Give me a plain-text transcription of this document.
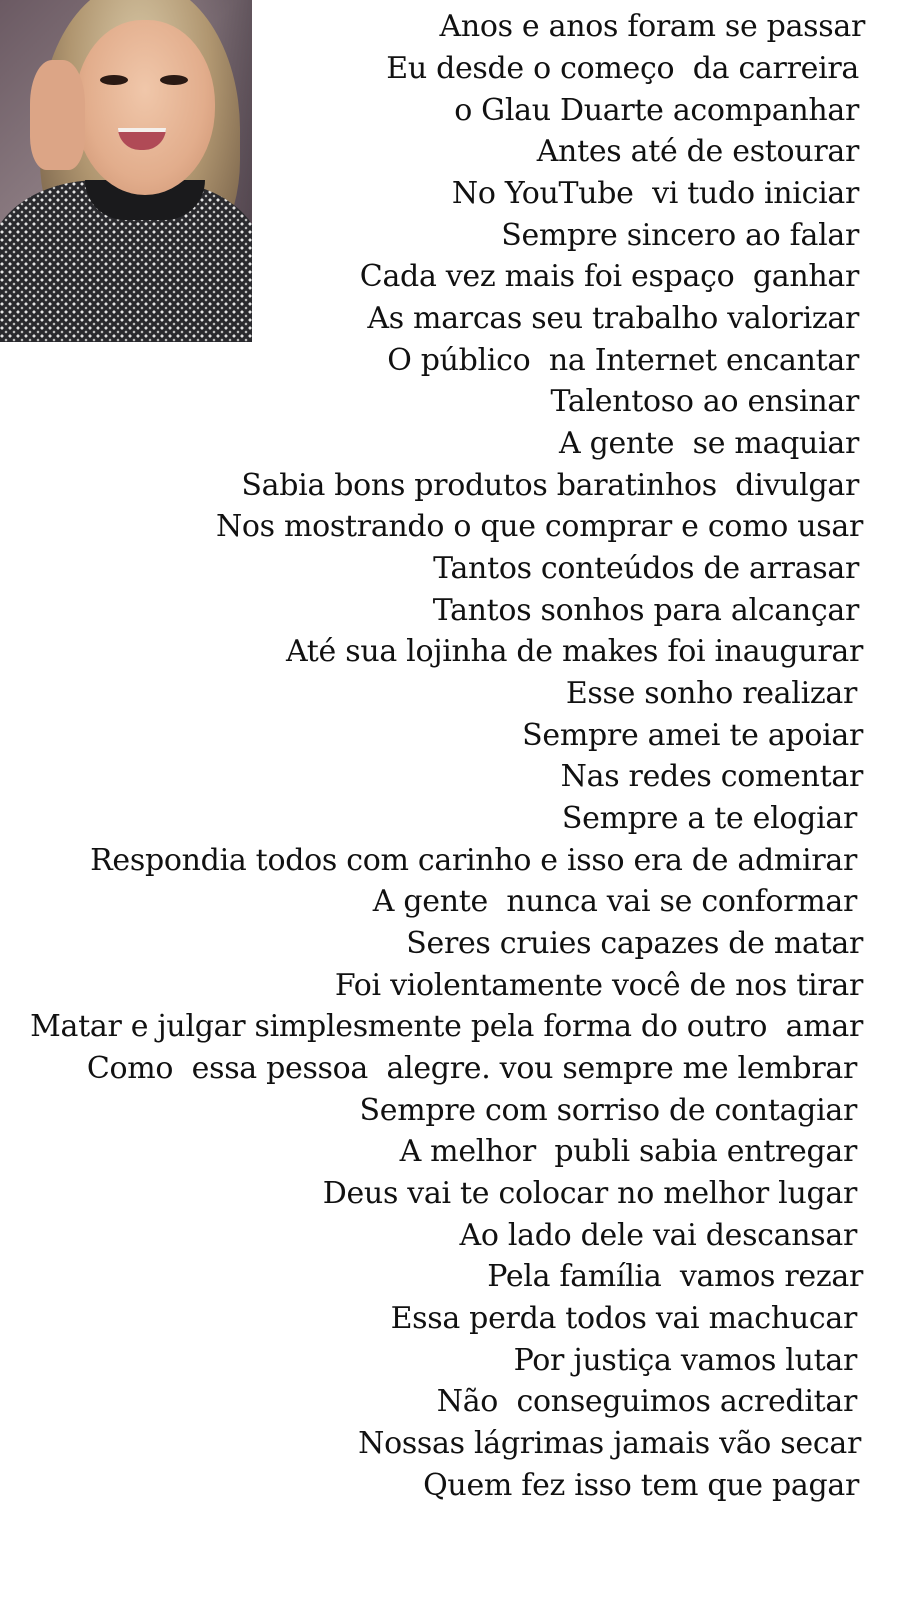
Anos e anos foram se passar
Eu desde o começo  da carreira
o Glau Duarte acompanhar
Antes até de estourar
No YouTube  vi tudo iniciar
Sempre sincero ao falar
Cada vez mais foi espaço  ganhar
As marcas seu trabalho valorizar
O público  na Internet encantar
Talentoso ao ensinar
A gente  se maquiar
Sabia bons produtos baratinhos  divulgar
Nos mostrando o que comprar e como usar
Tantos conteúdos de arrasar
Tantos sonhos para alcançar
Até sua lojinha de makes foi inaugurar
Esse sonho realizar
Sempre amei te apoiar
Nas redes comentar
Sempre a te elogiar
Respondia todos com carinho e isso era de admirar
A gente  nunca vai se conformar
Seres cruies capazes de matar
Foi violentamente você de nos tirar
Matar e julgar simplesmente pela forma do outro  amar
Como  essa pessoa  alegre. vou sempre me lembrar
Sempre com sorriso de contagiar
A melhor  publi sabia entregar
Deus vai te colocar no melhor lugar
Ao lado dele vai descansar
Pela família  vamos rezar
Essa perda todos vai machucar
Por justiça vamos lutar
Não  conseguimos acreditar
Nossas lágrimas jamais vão secar
Quem fez isso tem que pagar
